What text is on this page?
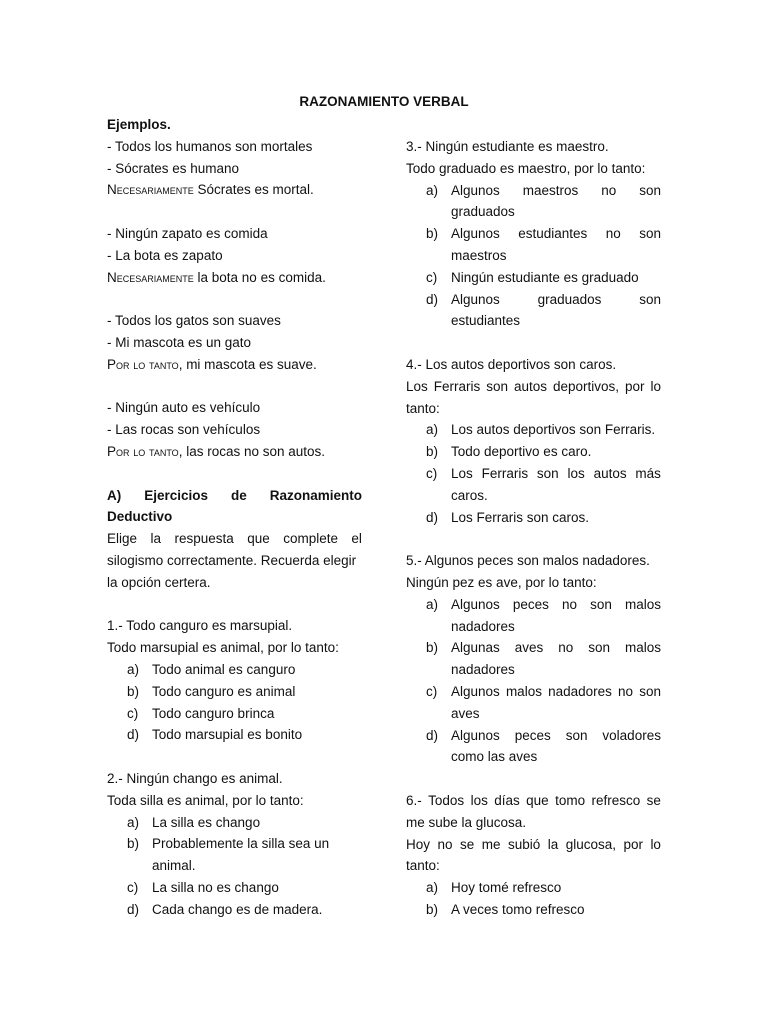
RAZONAMIENTO VERBAL
Ejemplos.
- Todos los humanos son mortales
- Sócrates es humano
Necesariamente Sócrates es mortal.
- Ningún zapato es comida
- La bota es zapato
Necesariamente la bota no es comida.
- Todos los gatos son suaves
- Mi mascota es un gato
Por lo tanto, mi mascota es suave.
- Ningún auto es vehículo
- Las rocas son vehículos
Por lo tanto, las rocas no son autos.
A) Ejercicios de Razonamiento
Deductivo
Elige la respuesta que complete el
silogismo correctamente. Recuerda elegir
la opción certera.
1.- Todo canguro es marsupial.
Todo marsupial es animal, por lo tanto:
a) Todo animal es canguro
b) Todo canguro es animal
c)	Todo canguro brinca
d) Todo marsupial es bonito
2.- Ningún chango es animal.
Toda silla es animal, por lo tanto:
a) La silla es chango
b) Probablemente la silla sea un
animal.
c)	La silla no es chango
d) Cada chango es de madera.
3.- Ningún estudiante es maestro.
Todo graduado es maestro, por lo tanto:
a) Algunos maestros no son
graduados
b) Algunos estudiantes no son
maestros
c)	Ningún estudiante es graduado
d) Algunos	graduados	son
estudiantes
4.- Los autos deportivos son caros.
Los Ferraris son autos deportivos, por lo
tanto:
a) Los autos deportivos son Ferraris.
b) Todo deportivo es caro.
c)	Los Ferraris son los autos más
caros.
d) Los Ferraris son caros.
5.- Algunos peces son malos nadadores.
Ningún pez es ave, por lo tanto:
a) Algunos peces no son malos
nadadores
b) Algunas aves no son malos
nadadores
c)	Algunos malos nadadores no son
aves
d) Algunos peces son voladores
como las aves
6.- Todos los días que tomo refresco se
me sube la glucosa.
Hoy no se me subió la glucosa, por lo
tanto:
a) Hoy tomé refresco
b) A veces tomo refresco
